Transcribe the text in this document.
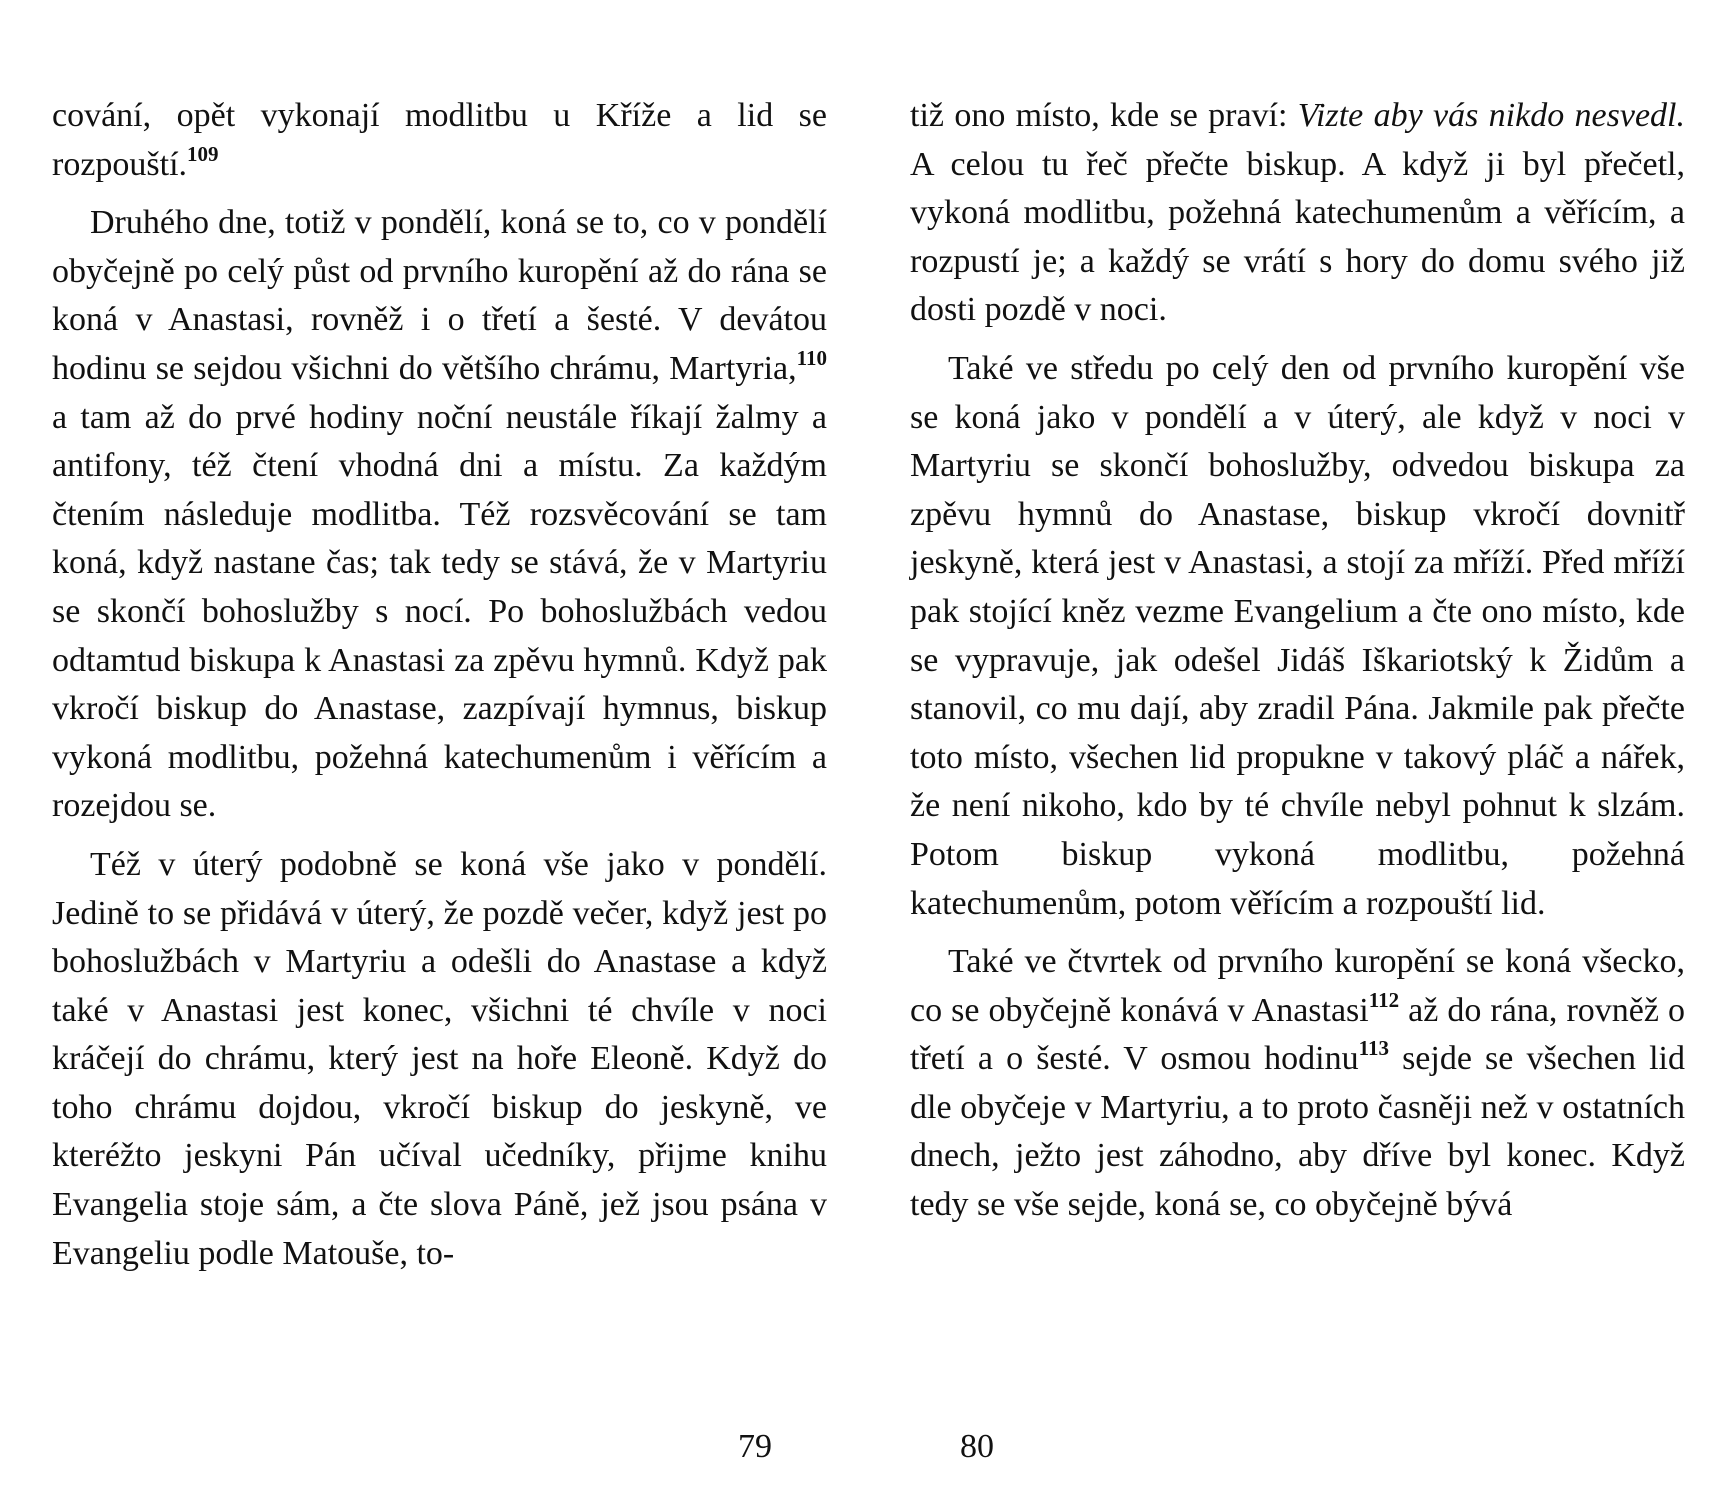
cování, opět vykonají modlitbu u Kříže a lid se rozpouští.$^{109}$

Druhého dne, totiž v pondělí, koná se to, co v pondělí obyčejně po celý půst od prvního kuropění až do rána se koná v Anastasi, rovněž i o třetí a šesté. V devátou hodinu se sejdou všichni do většího chrámu, Martyria,$^{110}$ a tam až do prvé hodiny noční neustále říkají žalmy a antifony, též čtení vhodná dni a místu. Za každým čtením následuje modlitba. Též rozsvěcování se tam koná, když nastane čas; tak tedy se stává, že v Martyriu se skončí bohoslužby s nocí. Po bohoslužbách vedou odtamtud biskupa k Anastasi za zpěvu hymnů. Když pak vkročí biskup do Anastase, zazpívají hymnus, biskup vykoná modlitbu, požehná katechumenům i věřícím a rozejdou se.

Též v úterý podobně se koná vše jako v pondělí. Jedině to se přidává v úterý, že pozdě večer, když jest po bohoslužbách v Martyriu a odešli do Anastase a když také v Anastasi jest konec, všichni té chvíle v noci kráčejí do chrámu, který jest na hoře Eleoně. Když do toho chrámu dojdou, vkročí biskup do jeskyně, ve kteréžto jeskyni Pán učíval učedníky, přijme knihu Evangelia stoje sám, a čte slova Páně, jež jsou psána v Evangeliu podle Matouše, to-

tiž ono místo, kde se praví: Vizte aby vás nikdo nesvedl. A celou tu řeč přečte biskup. A když ji byl přečetl, vykoná modlitbu, požehná katechumenům a věřícím, a rozpustí je; a každý se vrátí s hory do domu svého již dosti pozdě v noci.

Také ve středu po celý den od prvního kuropění vše se koná jako v pondělí a v úterý, ale když v noci v Martyriu se skončí bohoslužby, odvedou biskupa za zpěvu hymnů do Anastase, biskup vkročí dovnitř jeskyně, která jest v Anastasi, a stojí za mříží. Před mříží pak stojící kněz vezme Evangelium a čte ono místo, kde se vypravuje, jak odešel Jidáš Iškariotský k Židům a stanovil, co mu dají, aby zradil Pána. Jakmile pak přečte toto místo, všechen lid propukne v takový pláč a nářek, že není nikoho, kdo by té chvíle nebyl pohnut k slzám. Potom biskup vykoná modlitbu, požehná katechumenům, potom věřícím a rozpouští lid.

Také ve čtvrtek od prvního kuropění se koná všecko, co se obyčejně konává v Anastasi$^{112}$ až do rána, rovněž o třetí a o šesté. V osmou hodinu$^{113}$ sejde se všechen lid dle obyčeje v Martyriu, a to proto časněji než v ostatních dnech, ježto jest záhodno, aby dříve byl konec. Když tedy se vše sejde, koná se, co obyčejně bývá

79	80
